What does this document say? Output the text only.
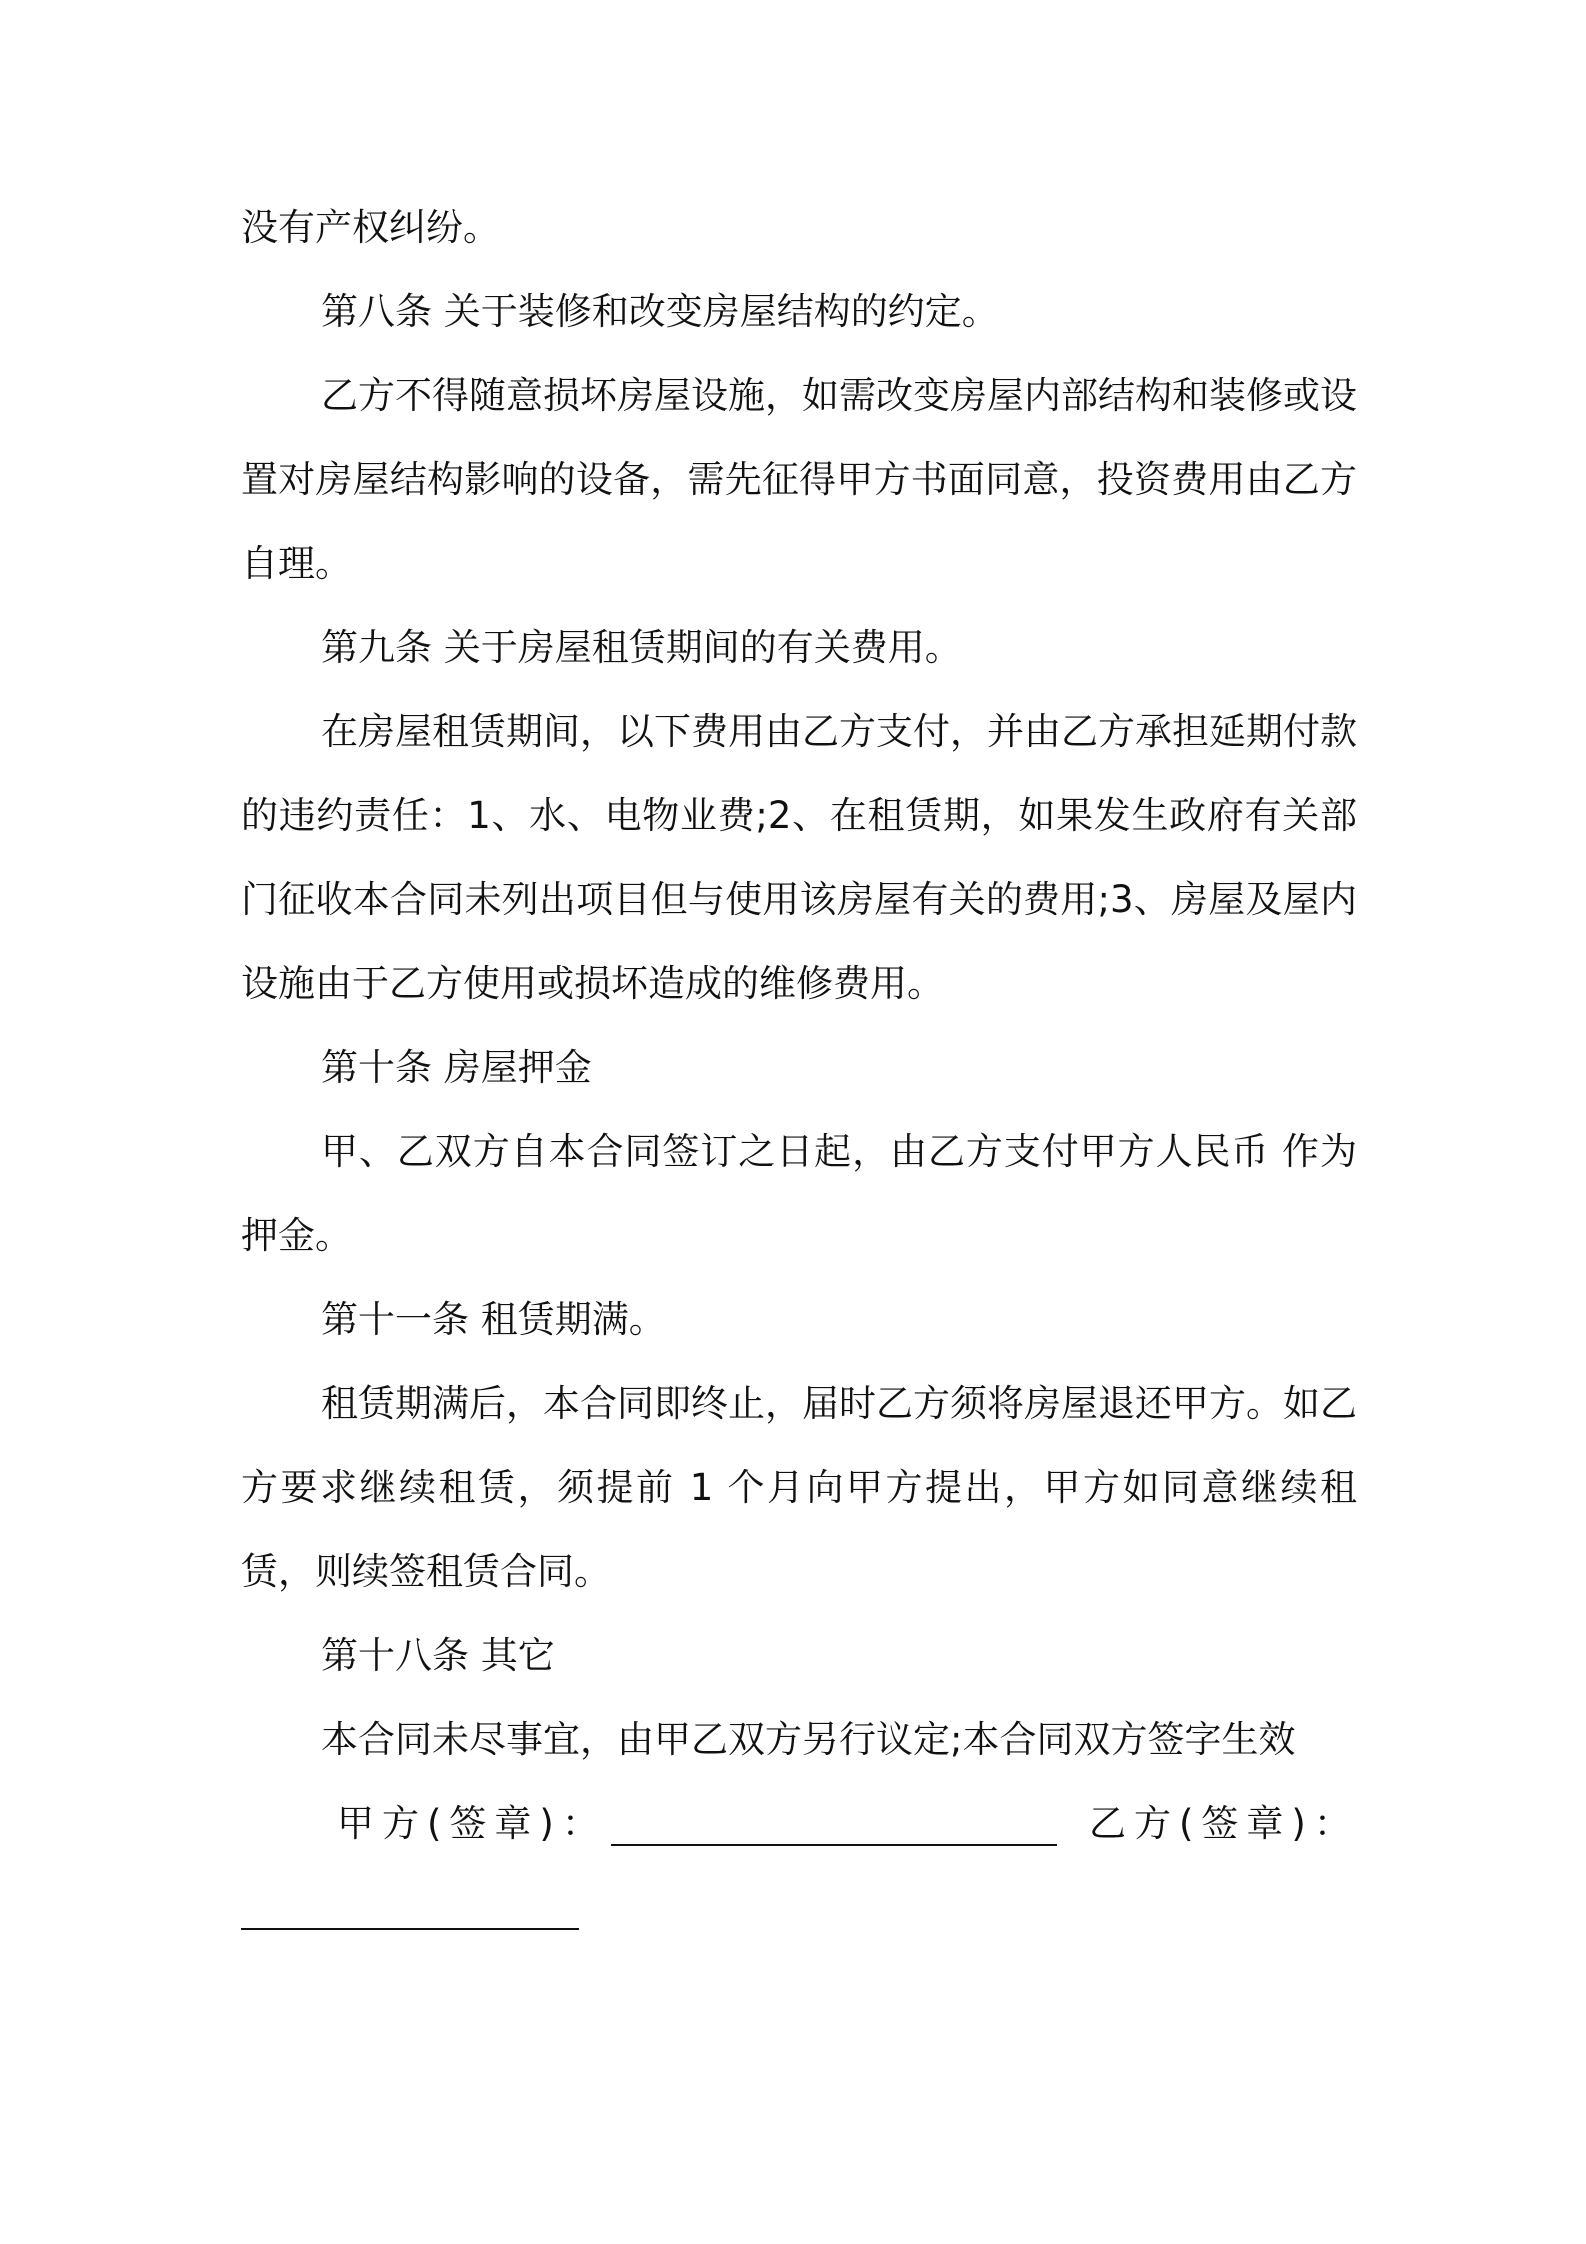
没有产权纠纷。

第八条 关于装修和改变房屋结构的约定。

乙方不得随意损坏房屋设施，如需改变房屋内部结构和装修或设置对房屋结构影响的设备，需先征得甲方书面同意，投资费用由乙方自理。

第九条 关于房屋租赁期间的有关费用。

在房屋租赁期间，以下费用由乙方支付，并由乙方承担延期付款的违约责任：1、水、电物业费;2、在租赁期，如果发生政府有关部门征收本合同未列出项目但与使用该房屋有关的费用;3、房屋及屋内设施由于乙方使用或损坏造成的维修费用。

第十条 房屋押金

甲、乙双方自本合同签订之日起，由乙方支付甲方人民币 作为押金。

第十一条 租赁期满。

租赁期满后，本合同即终止，届时乙方须将房屋退还甲方。如乙方要求继续租赁，须提前 1 个月向甲方提出，甲方如同意继续租赁，则续签租赁合同。

第十八条 其它

本合同未尽事宜，由甲乙双方另行议定;本合同双方签字生效

甲方(签章)：	乙方(签章)：
